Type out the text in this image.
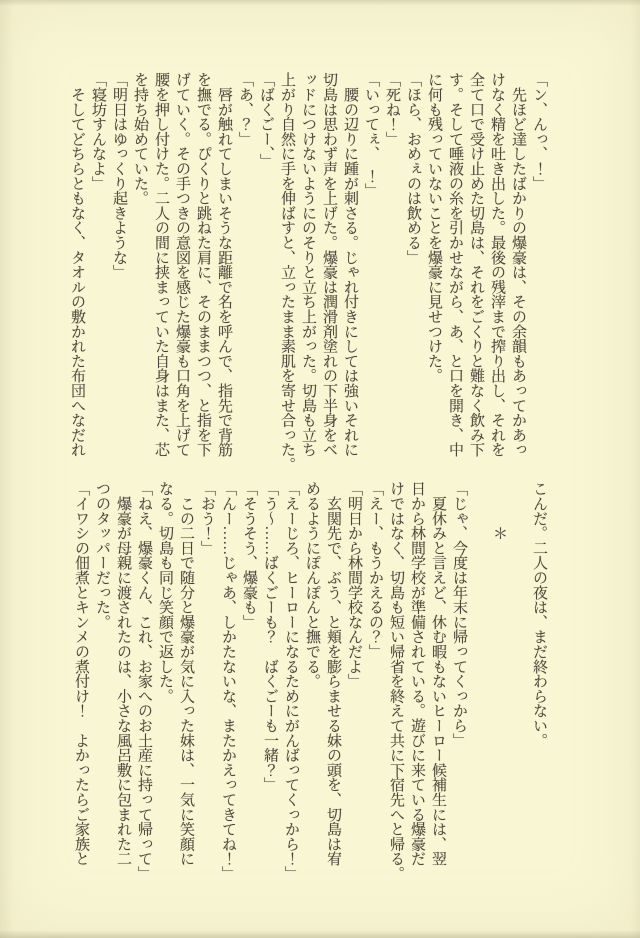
「ン、んっ、！」
　先ほど達したばかりの爆豪は、その余韻もあってかあっ
けなく精を吐き出した。最後の残滓まで搾り出し、それを
全て口で受け止めた切島は、それをごくりと難なく飲み下
す。そして唾液の糸を引かせながら、あ、と口を開き、中
に何も残っていないことを爆豪に見せつけた。
「ほら、おめぇのは飲める」
「死ね！」
「いってぇ、　！」
　腰の辺りに踵が刺さる。じゃれ付きにしては強いそれに
切島は思わず声を上げた。爆豪は潤滑剤塗れの下半身をベ
ッドにつけないようにのそりと立ち上がった。切島も立ち
上がり自然に手を伸ばすと、立ったまま素肌を寄せ合った。
「ばくごー、」
「あ、？」
　唇が触れてしまいそうな距離で名を呼んで、指先で背筋
を撫でる。ぴくりと跳ねた肩に、そのままつつ、と指を下
げていく。その手つきの意図を感じた爆豪も口角を上げて
腰を押し付けた。二人の間に挟まっていた自身はまた、芯
を持ち始めていた。
「明日はゆっくり起きような」
「寝坊すんなよ」
　そしてどちらともなく、タオルの敷かれた布団へなだれ
こんだ。二人の夜は、まだ終わらない。
　　　＊
「じゃ、今度は年末に帰ってくっから」
　夏休みと言えど、休む暇もないヒーロー候補生には、翌
日から林間学校が準備されている。遊びに来ている爆豪だ
けではなく、切島も短い帰省を終えて共に下宿先へと帰る。
「えー、もうかえるの？」
「明日から林間学校なんだよ」
　玄関先で、ぶう、と頬を膨らませる妹の頭を、切島は宥
めるようにぽんぽんと撫でる。
「えーじろ、ヒーローになるためにがんばってくっから！」
「う～……ばくごーも？　ばくごーも一緒？」
「そうそう、爆豪も」
「んー……じゃあ、しかたないな、またかえってきてね！」
「おう！」
　この二日で随分と爆豪が気に入った妹は、一気に笑顔に
なる。切島も同じ笑顔で返した。
「ねえ、爆豪くん、これ、お家へのお土産に持って帰って」
　爆豪が母親に渡されたのは、小さな風呂敷に包まれた二
つのタッパーだった。
「イワシの佃煮とキンメの煮付け！　よかったらご家族と
